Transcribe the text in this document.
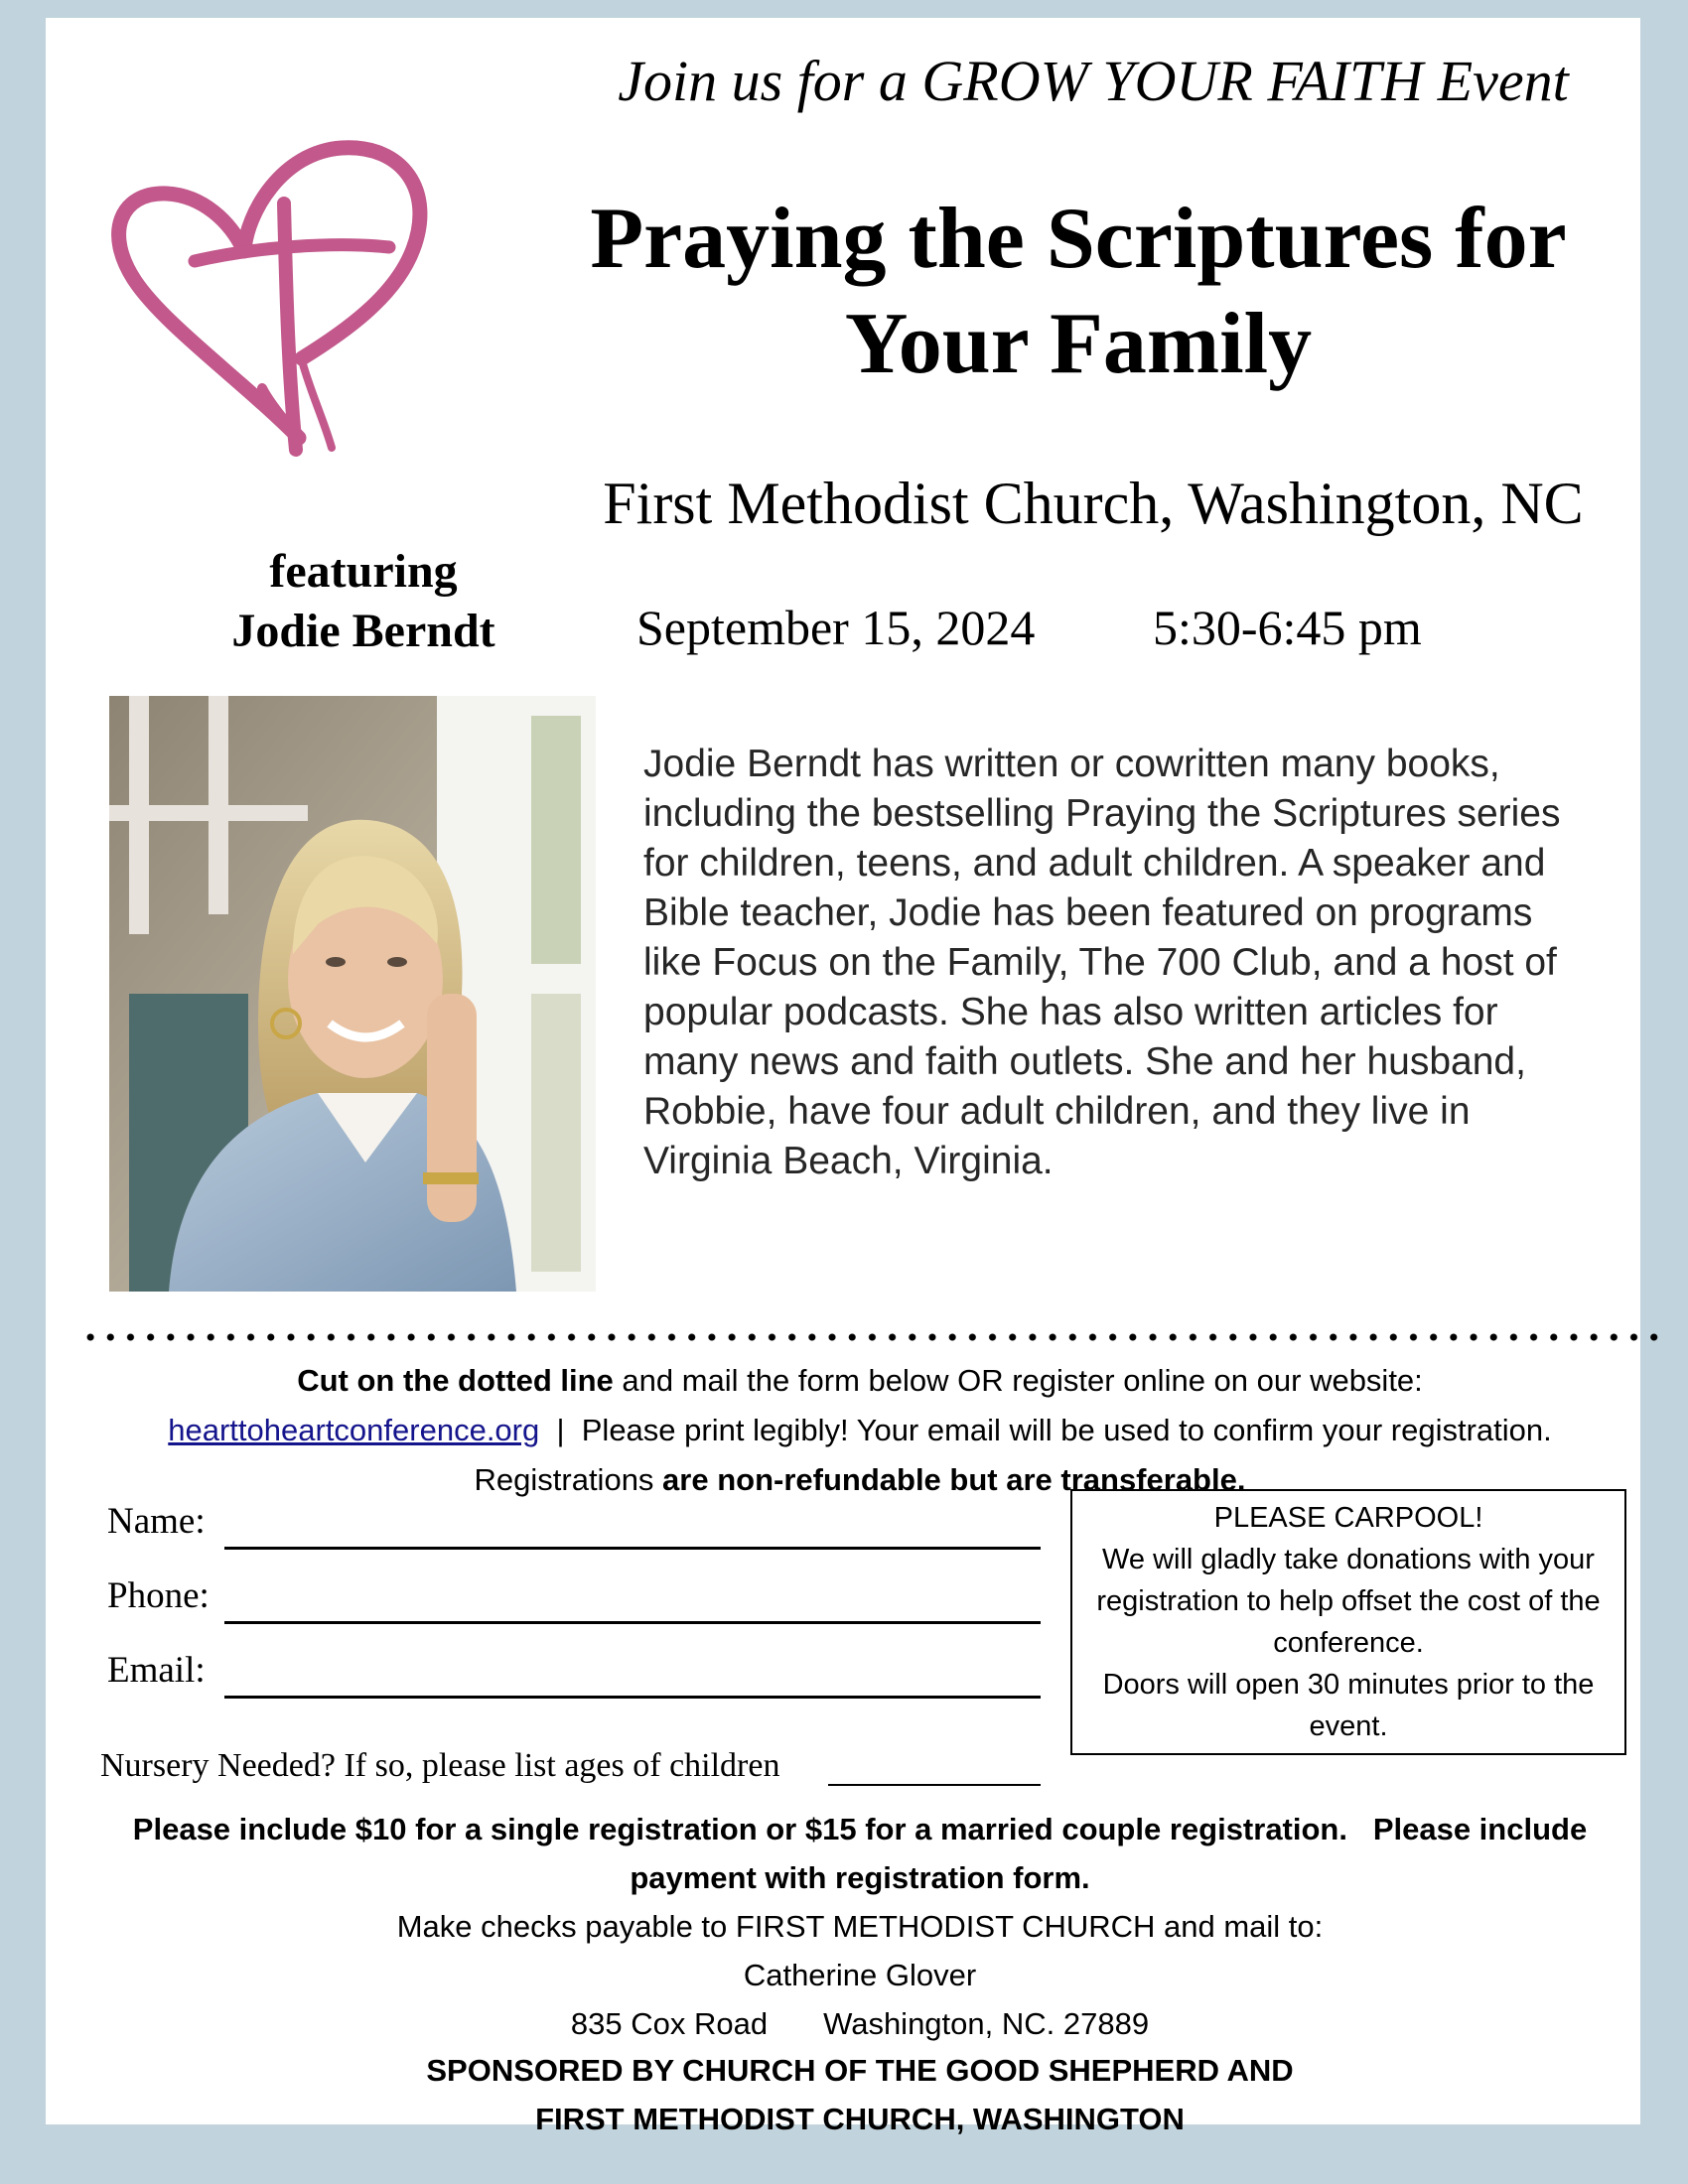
Join us for a GROW YOUR FAITH Event
Praying the Scriptures for
Your Family
First Methodist Church, Washington, NC
featuring
Jodie Berndt	September 15, 2024 5:30-6:45 pm
Jodie Berndt has written or cowritten many books, including the bestselling Praying the Scriptures series for children, teens, and adult children. A speaker and Bible teacher, Jodie has been featured on programs like Focus on the Family, The 700 Club, and a host of popular podcasts. She has also written articles for many news and faith outlets. She and her husband, Robbie, have four adult children, and they live in Virginia Beach, Virginia.
Cut on the dotted line and mail the form below OR register online on our website:
hearttoheartconference.org  |  Please print legibly! Your email will be used to confirm your registration.
Registrations are non-refundable but are transferable.
Name:
Phone:
Email:
Nursery Needed? If so, please list ages of children
PLEASE CARPOOL!
We will gladly take donations with your registration to help offset the cost of the conference.
Doors will open 30 minutes prior to the event.
Please include $10 for a single registration or $15 for a married couple registration.   Please include
payment with registration form.
Make checks payable to FIRST METHODIST CHURCH and mail to:
Catherine Glover
835 Cox Road Washington, NC. 27889
SPONSORED BY CHURCH OF THE GOOD SHEPHERD AND
FIRST METHODIST CHURCH, WASHINGTON
